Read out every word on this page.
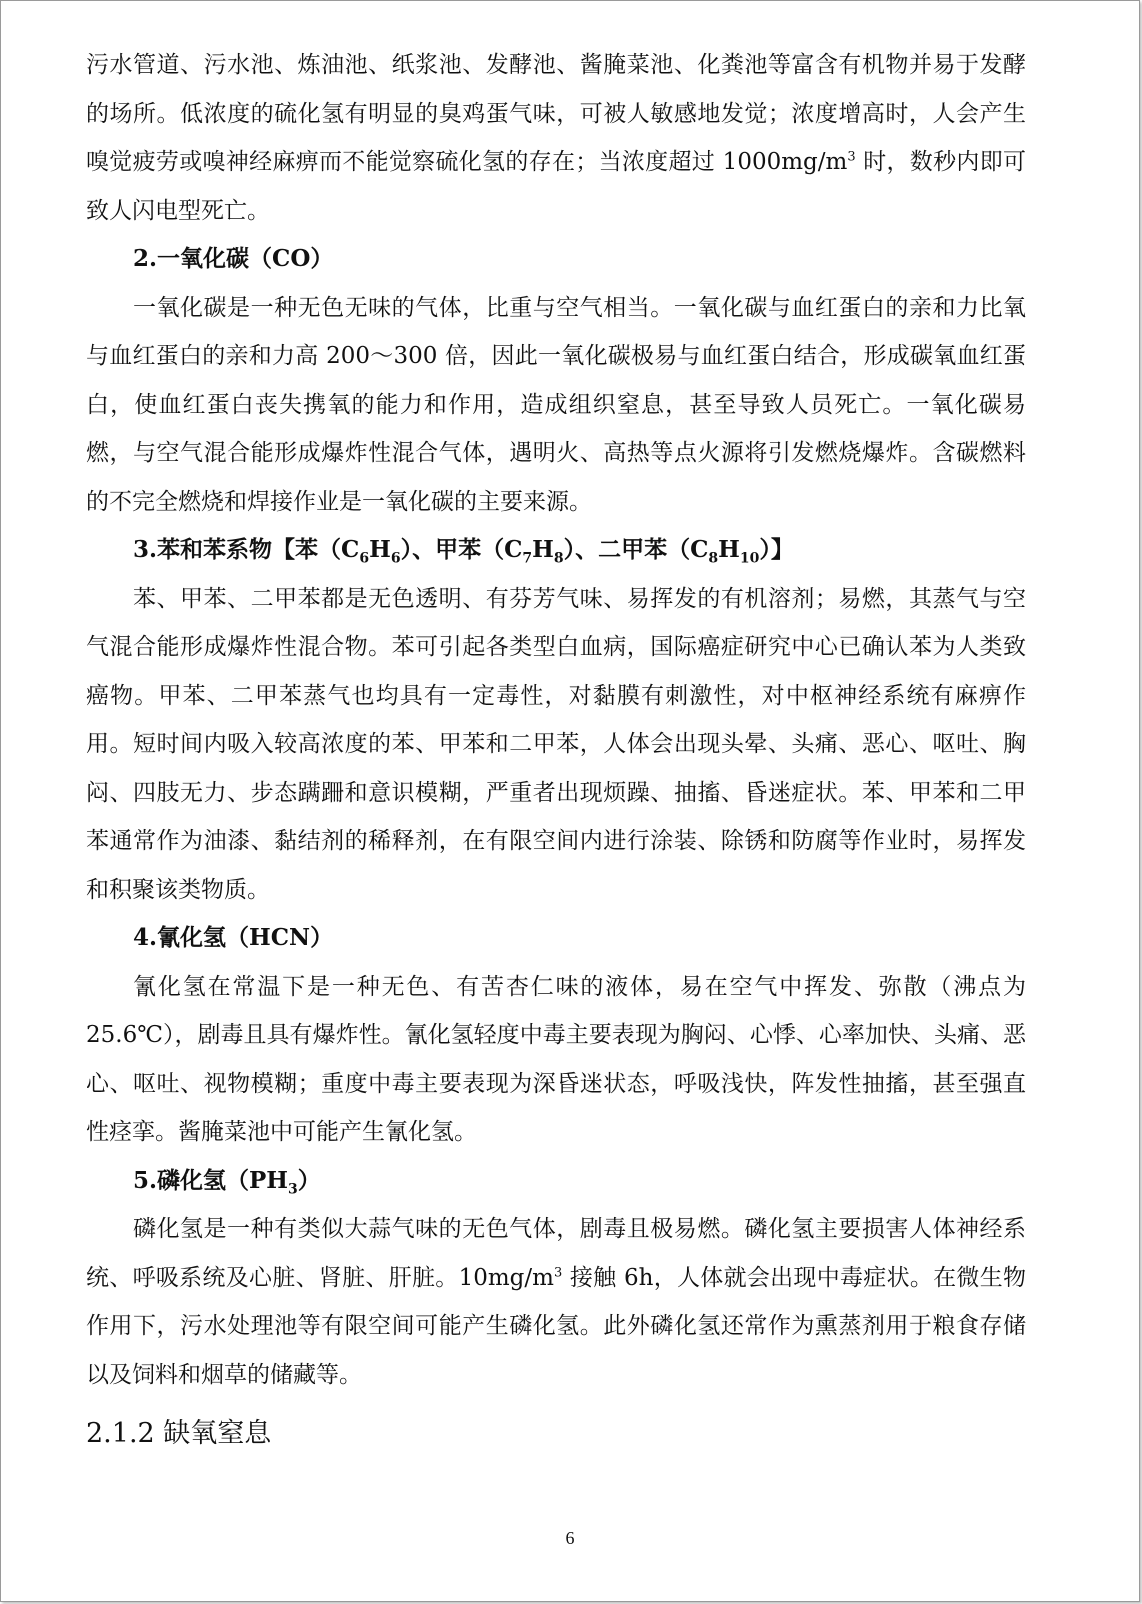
污水管道、污水池、炼油池、纸浆池、发酵池、酱腌菜池、化粪池等富含有机物并易于发酵的场所。低浓度的硫化氢有明显的臭鸡蛋气味，可被人敏感地发觉；浓度增高时，人会产生嗅觉疲劳或嗅神经麻痹而不能觉察硫化氢的存在；当浓度超过 $1000mg/m^3$ 时，数秒内即可致人闪电型死亡。

2.一氧化碳（CO）

一氧化碳是一种无色无味的气体，比重与空气相当。一氧化碳与血红蛋白的亲和力比氧与血红蛋白的亲和力高 200～300 倍，因此一氧化碳极易与血红蛋白结合，形成碳氧血红蛋白，使血红蛋白丧失携氧的能力和作用，造成组织窒息，甚至导致人员死亡。一氧化碳易燃，与空气混合能形成爆炸性混合气体，遇明火、高热等点火源将引发燃烧爆炸。含碳燃料的不完全燃烧和焊接作业是一氧化碳的主要来源。

3.苯和苯系物【苯$(C_6H_6)$、甲苯$(C_7H_8)$、二甲苯$(C_8H_{10})$】

苯、甲苯、二甲苯都是无色透明、有芬芳气味、易挥发的有机溶剂；易燃，其蒸气与空气混合能形成爆炸性混合物。苯可引起各类型白血病，国际癌症研究中心已确认苯为人类致癌物。甲苯、二甲苯蒸气也均具有一定毒性，对黏膜有刺激性，对中枢神经系统有麻痹作用。短时间内吸入较高浓度的苯、甲苯和二甲苯，人体会出现头晕、头痛、恶心、呕吐、胸闷、四肢无力、步态蹒跚和意识模糊，严重者出现烦躁、抽搐、昏迷症状。苯、甲苯和二甲苯通常作为油漆、黏结剂的稀释剂，在有限空间内进行涂装、除锈和防腐等作业时，易挥发和积聚该类物质。

4.氰化氢（HCN）

氰化氢在常温下是一种无色、有苦杏仁味的液体，易在空气中挥发、弥散（沸点为 25.6℃），剧毒且具有爆炸性。氰化氢轻度中毒主要表现为胸闷、心悸、心率加快、头痛、恶心、呕吐、视物模糊；重度中毒主要表现为深昏迷状态，呼吸浅快，阵发性抽搐，甚至强直性痉挛。酱腌菜池中可能产生氰化氢。

5.磷化氢$(PH_3)$

磷化氢是一种有类似大蒜气味的无色气体，剧毒且极易燃。磷化氢主要损害人体神经系统、呼吸系统及心脏、肾脏、肝脏。$10mg/m^3$ 接触 6h，人体就会出现中毒症状。在微生物作用下，污水处理池等有限空间可能产生磷化氢。此外磷化氢还常作为熏蒸剂用于粮食存储以及饲料和烟草的储藏等。

2.1.2 缺氧窒息
6
